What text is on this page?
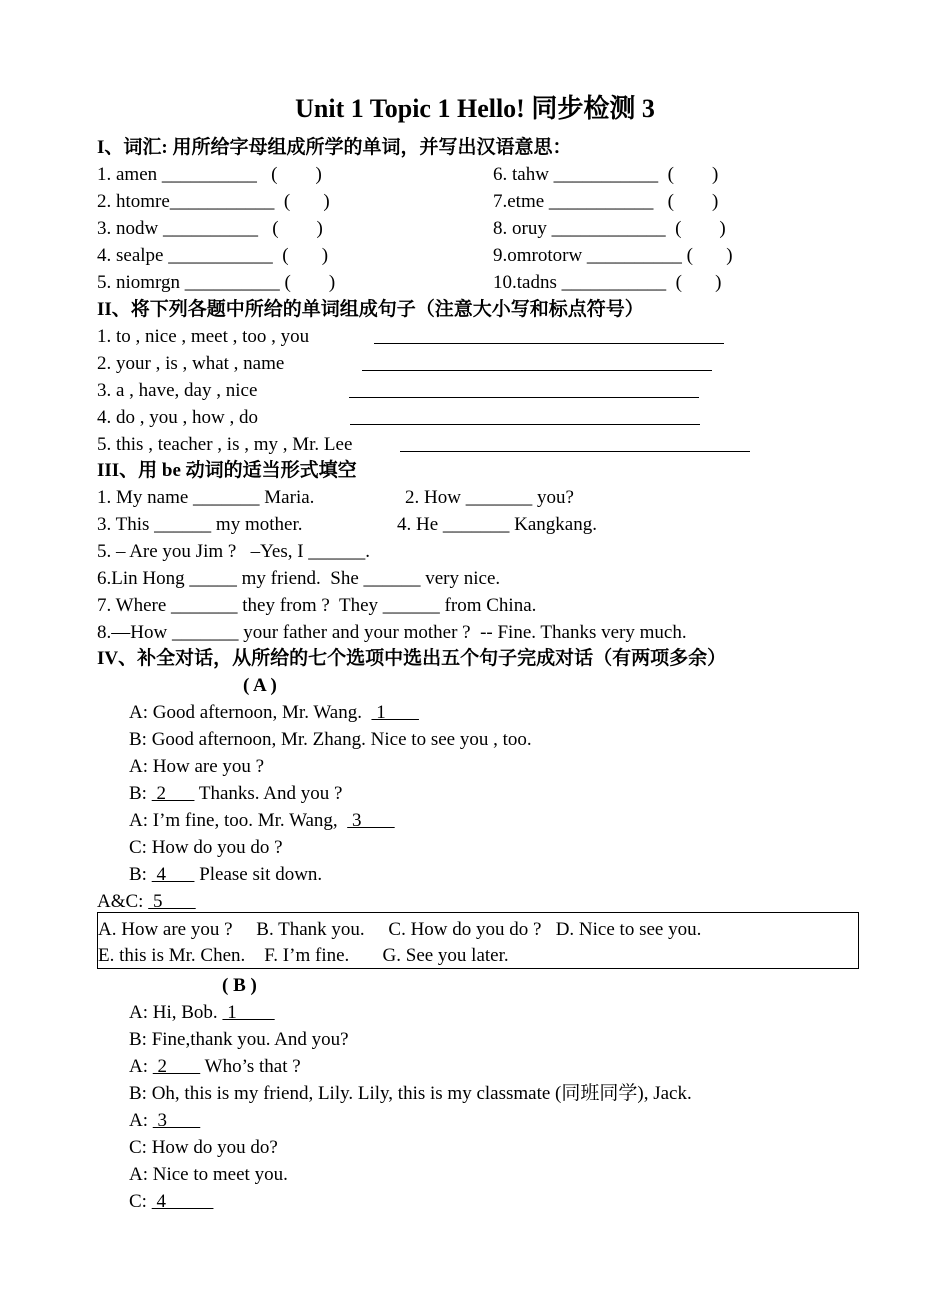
Unit 1 Topic 1 Hello! 同步检测 3
I、词汇: 用所给字母组成所学的单词，并写出汉语意思：
1. amen __________   (        )
2. htomre___________  (       )
3. nodw __________   (        )
4. sealpe ___________  (       )
5. niomrgn __________ (        )
6. tahw ___________  (        )
7.etme ___________   (        )
8. oruy ____________  (        )
9.omrotorw __________ (       )
10.tadns ___________  (       )
II、将下列各题中所给的单词组成句子（注意大小写和标点符号）
1. to , nice , meet , too , you
2. your , is , what , name
3. a , have, day , nice
4. do , you , how , do
5. this , teacher , is , my , Mr. Lee
III、用 be 动词的适当形式填空
1. My name _______ Maria.	2. How _______ you?
3. This ______ my mother.	4. He _______ Kangkang.
5. – Are you Jim ?   –Yes, I ______.
6.Lin Hong _____ my friend.  She ______ very nice.
7. Where _______ they from ?  They ______ from China.
8.—How _______ your father and your mother ?  -- Fine. Thanks very much.
IV、补全对话，从所给的七个选项中选出五个句子完成对话（有两项多余）
( A )
A: Good afternoon, Mr. Wang.   1
B: Good afternoon, Mr. Zhang. Nice to see you , too.
A: How are you ?
B:  2       Thanks. And you ?
A: I’m fine, too. Mr. Wang,   3
C: How do you do ?
B:  4       Please sit down.
A&C:  5
A. How are you ?     B. Thank you.     C. How do you do ?   D. Nice to see you.
E. this is Mr. Chen.    F. I’m fine.       G. See you later.
( B )
A: Hi, Bob.  1
B: Fine,thank you. And you?
A:  2        Who’s that ?
B: Oh, this is my friend, Lily. Lily, this is my classmate (同班同学), Jack.
A:  3
C: How do you do?
A: Nice to meet you.
C:  4
